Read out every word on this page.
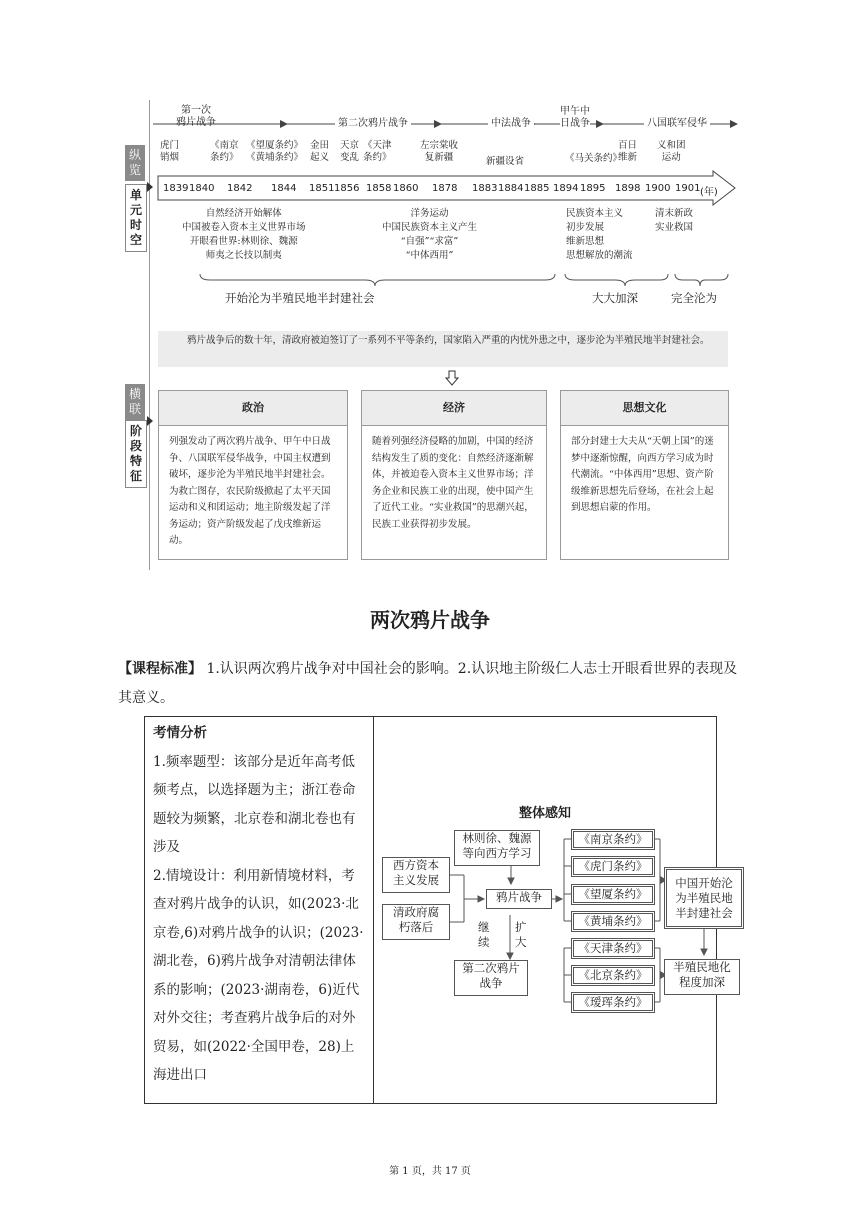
纵
览
单
元
时
空
第一次
鸦片战争	第二次鸦片战争	中法战争
甲午中
日战争	八国联军侵华
虎门
销烟
《南京
条约》
《望厦条约》
《黄埔条约》
金田
起义
天京
变乱
《天津
条约》
左宗棠收
复新疆	新疆设省	《马关条约》
百日
维新
义和团
运动
1839 1840 1842 1844 1851 1856 1858 1860 1878 1883 1884 1885 1894 1895 1898 1900 1901 (年)
自然经济开始解体
中国被卷入资本主义世界市场
开眼看世界:林则徐、魏源
师夷之长技以制夷
洋务运动
中国民族资本主义产生
“自强”“求富”
“中体西用”
民族资本主义
初步发展
维新思想
思想解放的潮流
清末新政
实业救国
开始沦为半殖民地半封建社会	大大加深	完全沦为
鸦片战争后的数十年，清政府被迫签订了一系列不平等条约，国家陷入严重的内忧外患之中，逐步沦为半殖民地半封建社会。
横
联
阶
段
特
征
政治
列强发动了两次鸦片战争、甲午中日战争、八国联军侵华战争，中国主权遭到破坏，逐步沦为半殖民地半封建社会。为救亡图存，农民阶级掀起了太平天国运动和义和团运动；地主阶级发起了洋务运动；资产阶级发起了戊戌维新运动。
经济
随着列强经济侵略的加剧，中国的经济结构发生了质的变化：自然经济逐渐解体，并被迫卷入资本主义世界市场；洋务企业和民族工业的出现，使中国产生了近代工业。“实业救国”的思潮兴起，民族工业获得初步发展。
思想文化
部分封建士大夫从“天朝上国”的迷梦中逐渐惊醒，向西方学习成为时代潮流。“中体西用”思想、资产阶级维新思想先后登场，在社会上起到思想启蒙的作用。
两次鸦片战争
【课程标准】 1.认识两次鸦片战争对中国社会的影响。2.认识地主阶级仁人志士开眼看世界的表现及其意义。
考情分析
1.频率题型：该部分是近年高考低频考点，以选择题为主；浙江卷命题较为频繁，北京卷和湖北卷也有涉及
2.情境设计：利用新情境材料，考查对鸦片战争的认识，如(2023·北京卷,6)对鸦片战争的认识；(2023·湖北卷，6)鸦片战争对清朝法律体系的影响；(2023·湖南卷，6)近代对外交往；考查鸦片战争后的对外贸易，如(2022·全国甲卷，28)上海进出口
整体感知
西方资本
主义发展
清政府腐
朽落后
林则徐、魏源
等向西方学习
鸦片战争
继
续
扩
大
第二次鸦片
战争
《南京条约》
《虎门条约》
《望厦条约》
《黄埔条约》
《天津条约》
《北京条约》
《瑷珲条约》
中国开始沦
为半殖民地
半封建社会
半殖民地化
程度加深
第 1 页，共 17 页
